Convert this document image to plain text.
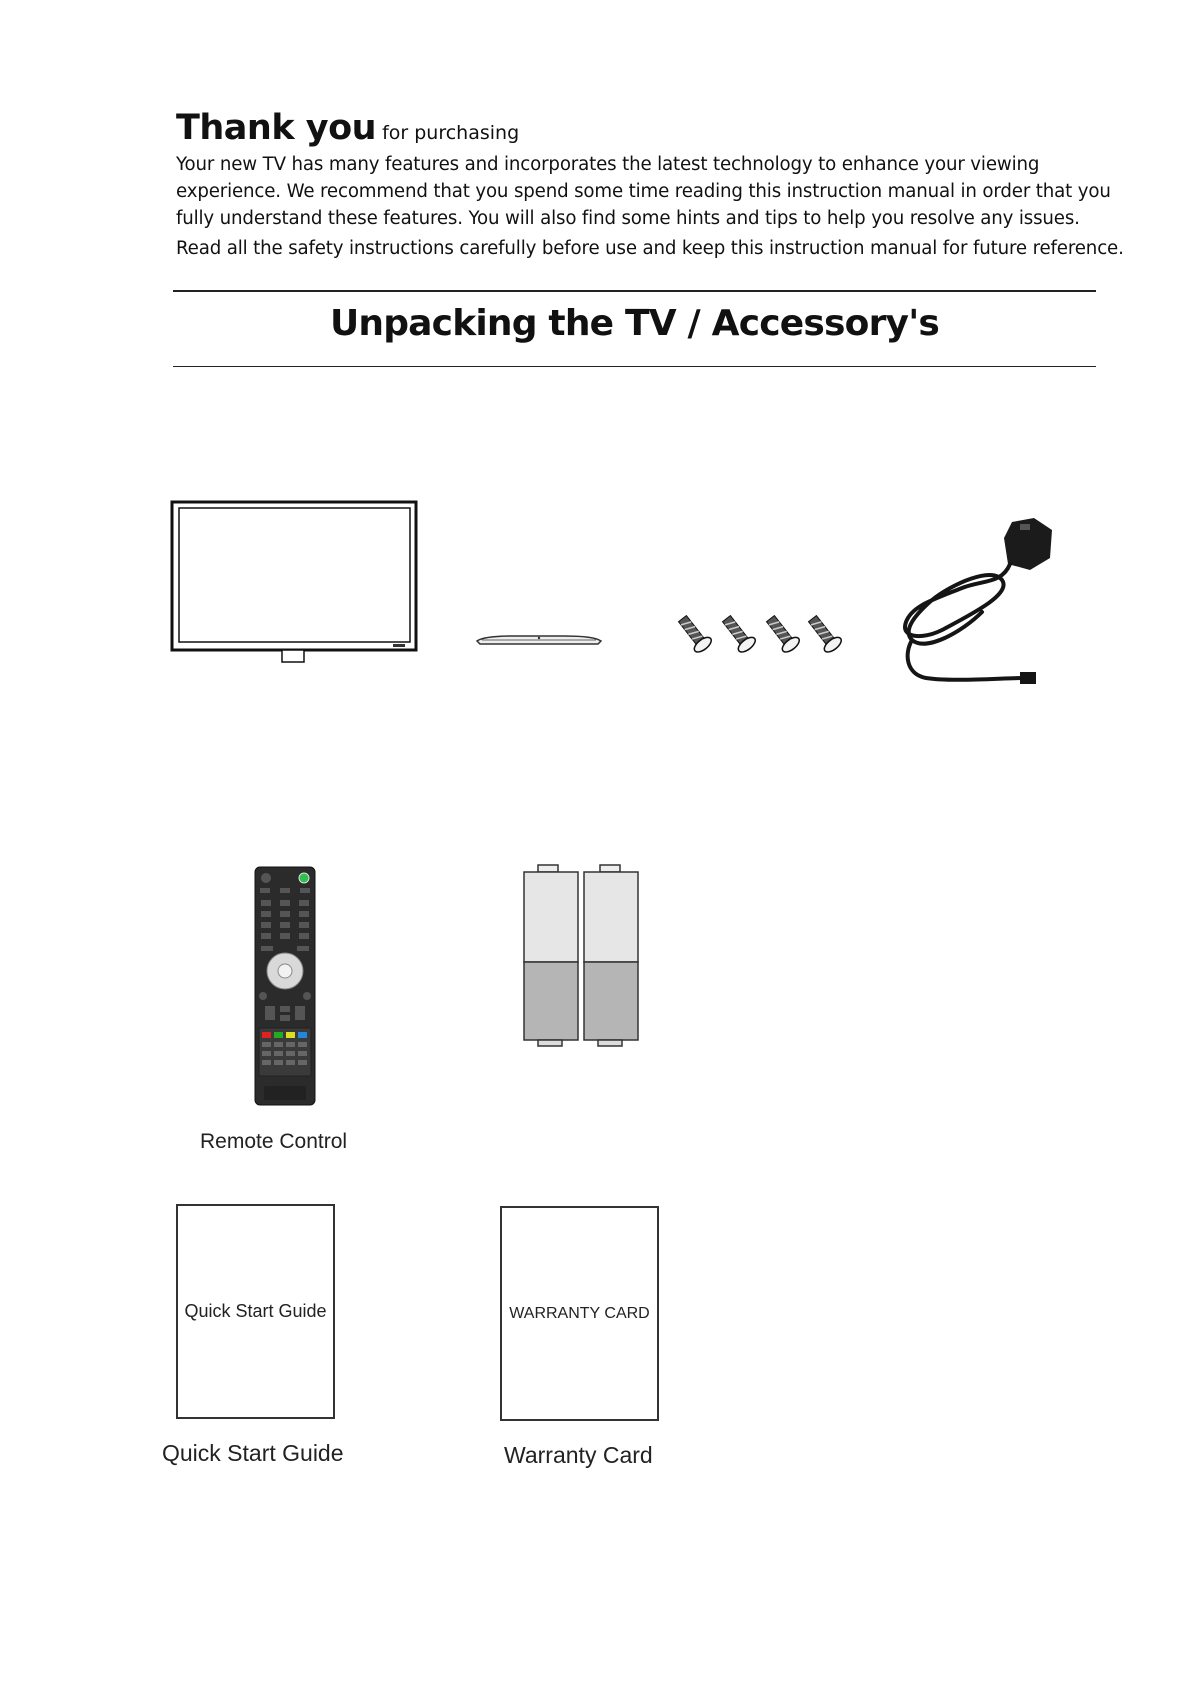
Thank you for purchasing

Your new TV has many features and incorporates the latest technology to enhance your viewing

experience. We recommend that you spend some time reading this instruction manual in order that you

fully understand these features. You will also find some hints and tips to help you resolve any issues.

Read all the safety instructions carefully before use and keep this instruction manual for future reference.

Unpacking the TV / Accessory's
Remote Control
Quick Start Guide
Quick Start Guide
WARRANTY CARD
Warranty Card
